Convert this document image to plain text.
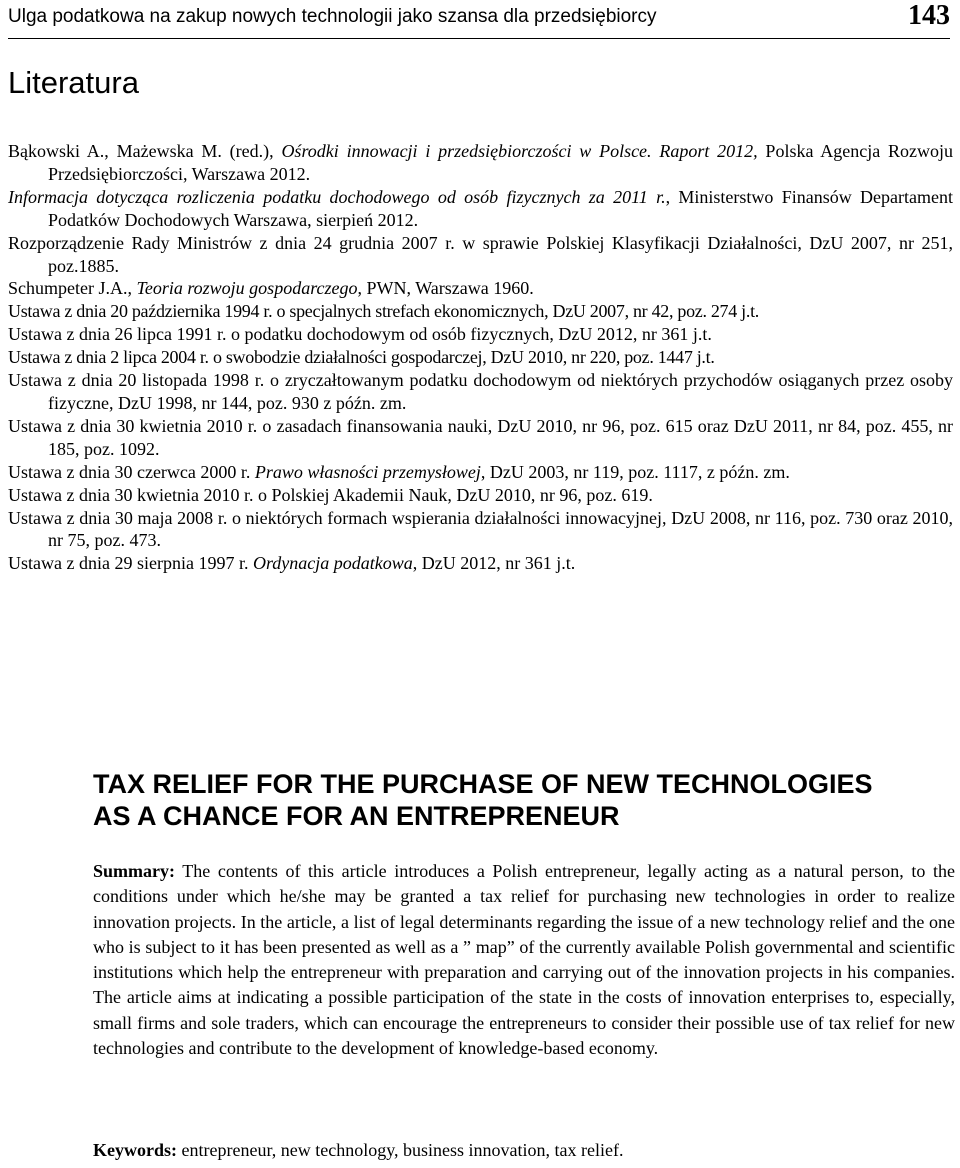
Ulga podatkowa na zakup nowych technologii jako szansa dla przedsiębiorcy	143
Literatura
Bąkowski A., Mażewska M. (red.), Ośrodki innowacji i przedsiębiorczości w Polsce. Raport 2012, Polska Agencja Rozwoju Przedsiębiorczości, Warszawa 2012.
Informacja dotycząca rozliczenia podatku dochodowego od osób fizycznych za 2011 r., Ministerstwo Finansów Departament Podatków Dochodowych Warszawa, sierpień 2012.
Rozporządzenie Rady Ministrów z dnia 24 grudnia 2007 r. w sprawie Polskiej Klasyfikacji Działalności, DzU 2007, nr 251, poz.1885.
Schumpeter J.A., Teoria rozwoju gospodarczego, PWN, Warszawa 1960.
Ustawa z dnia 20 października 1994 r. o specjalnych strefach ekonomicznych, DzU 2007, nr 42, poz. 274 j.t.
Ustawa z dnia 26 lipca 1991 r. o podatku dochodowym od osób fizycznych, DzU 2012, nr 361 j.t.
Ustawa z dnia 2 lipca 2004 r. o swobodzie działalności gospodarczej, DzU 2010, nr 220, poz. 1447 j.t.
Ustawa z dnia 20 listopada 1998 r. o zryczałtowanym podatku dochodowym od niektórych przychodów osiąganych przez osoby fizyczne, DzU 1998, nr 144, poz. 930 z późn. zm.
Ustawa z dnia 30 kwietnia 2010 r. o zasadach finansowania nauki, DzU 2010, nr 96, poz. 615 oraz DzU 2011, nr 84, poz. 455, nr 185, poz. 1092.
Ustawa z dnia 30 czerwca 2000 r. Prawo własności przemysłowej, DzU 2003, nr 119, poz. 1117, z późn. zm.
Ustawa z dnia 30 kwietnia 2010 r. o Polskiej Akademii Nauk, DzU 2010, nr 96, poz. 619.
Ustawa z dnia 30 maja 2008 r. o niektórych formach wspierania działalności innowacyjnej, DzU 2008, nr 116, poz. 730 oraz 2010, nr 75, poz. 473.
Ustawa z dnia 29 sierpnia 1997 r. Ordynacja podatkowa, DzU 2012, nr 361 j.t.
TAX RELIEF FOR THE PURCHASE OF NEW TECHNOLOGIES
AS A CHANCE FOR AN ENTREPRENEUR
Summary: The contents of this article introduces a Polish entrepreneur, legally acting as a natural person, to the conditions under which he/she may be granted a tax relief for purchasing new technologies in order to realize innovation projects. In the article, a list of legal determinants regarding the issue of a new technology relief and the one who is subject to it has been presented as well as a ” map” of the currently available Polish governmental and scientific institutions which help the entrepreneur with preparation and carrying out of the innovation projects in his companies. The article aims at indicating a possible participation of the state in the costs of innovation enterprises to, especially, small firms and sole traders, which can encourage the entrepreneurs to consider their possible use of tax relief for new technologies and contribute to the development of knowledge-based economy.
Keywords: entrepreneur, new technology, business innovation, tax relief.
